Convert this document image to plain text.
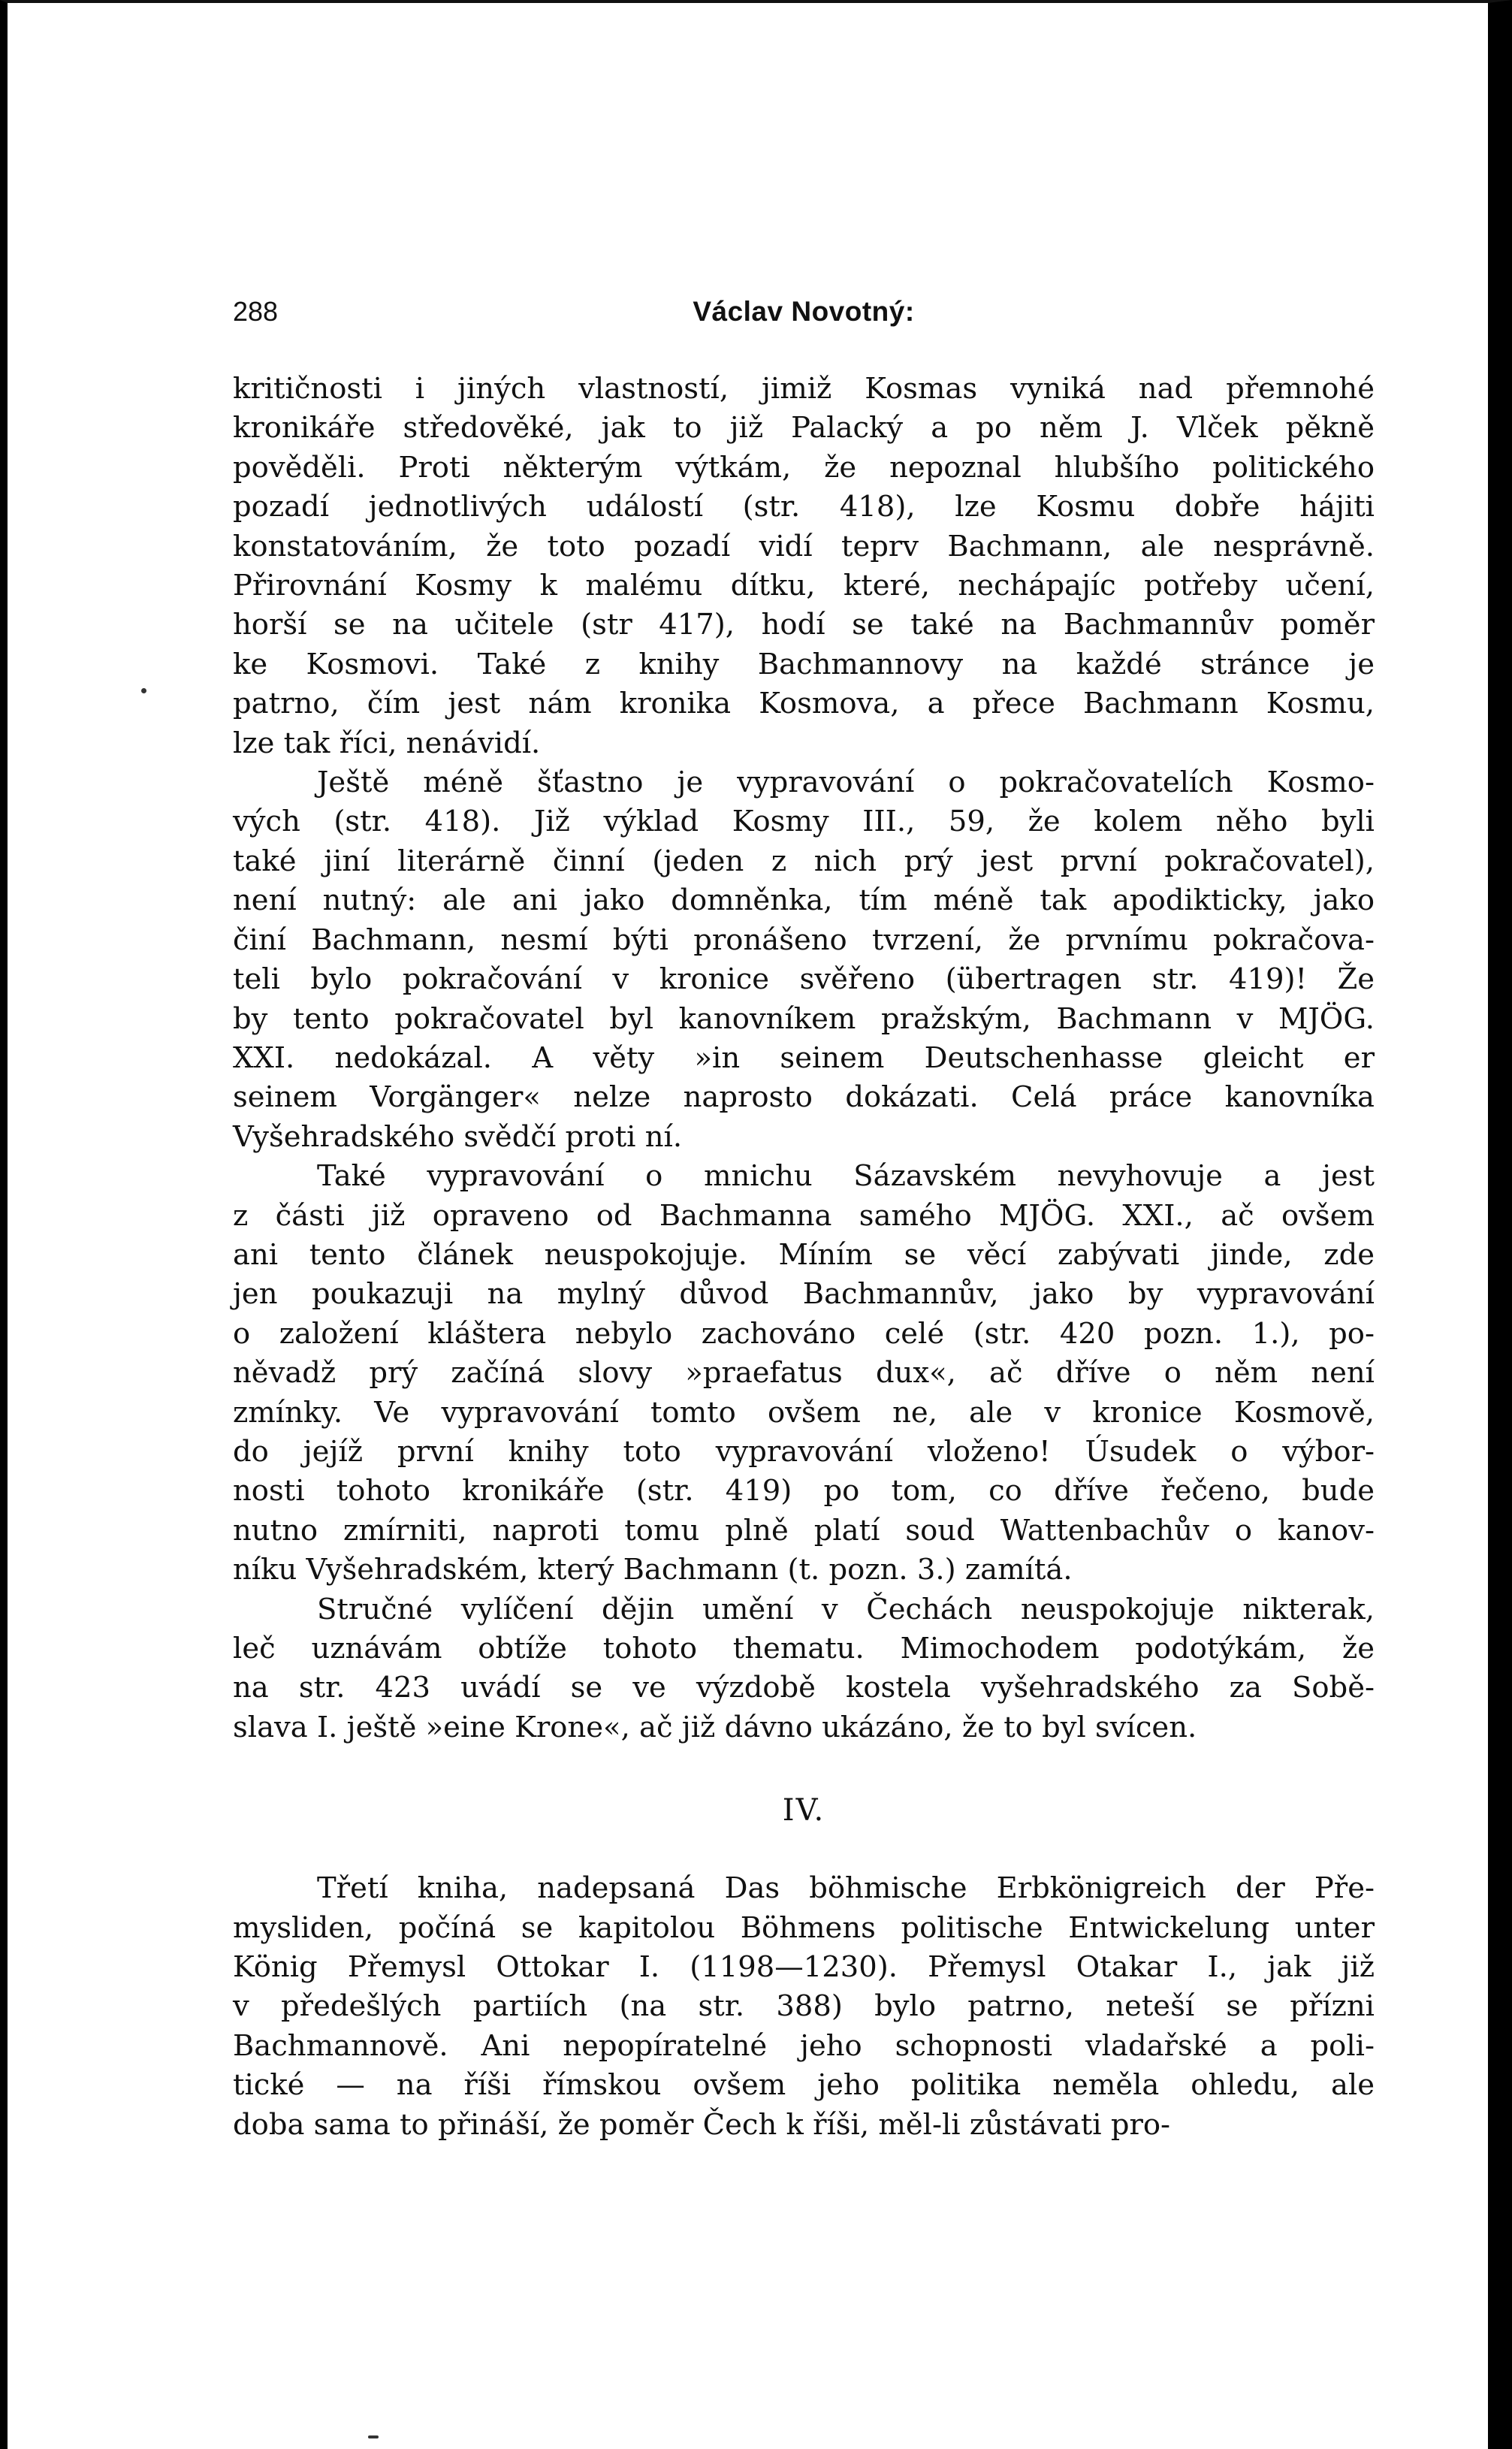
288	Václav Novotný:
kritičnosti i jiných vlastností, jimiž Kosmas vyniká nad přemnohé
kronikáře středověké, jak to již Palacký a po něm J. Vlček pěkně
pověděli. Proti některým výtkám, že nepoznal hlubšího politického
pozadí jednotlivých událostí (str. 418), lze Kosmu dobře hájiti
konstatováním, že toto pozadí vidí teprv Bachmann, ale nesprávně.
Přirovnání Kosmy k malému dítku, které, nechápajíc potřeby učení,
horší se na učitele (str 417), hodí se také na Bachmannův poměr
ke Kosmovi. Také z knihy Bachmannovy na každé stránce je
patrno, čím jest nám kronika Kosmova, a přece Bachmann Kosmu,
lze tak říci, nenávidí.
Ještě méně šťastno je vypravování o pokračovatelích Kosmo-
vých (str. 418). Již výklad Kosmy III., 59, že kolem něho byli
také jiní literárně činní (jeden z nich prý jest první pokračovatel),
není nutný: ale ani jako domněnka, tím méně tak apodikticky, jako
činí Bachmann, nesmí býti pronášeno tvrzení, že prvnímu pokračova-
teli bylo pokračování v kronice svěřeno (übertragen str. 419)! Že
by tento pokračovatel byl kanovníkem pražským, Bachmann v MJÖG.
XXI. nedokázal. A věty »in seinem Deutschenhasse gleicht er
seinem Vorgänger« nelze naprosto dokázati. Celá práce kanovníka
Vyšehradského svědčí proti ní.
Také vypravování o mnichu Sázavském nevyhovuje a jest
z části již opraveno od Bachmanna samého MJÖG. XXI., ač ovšem
ani tento článek neuspokojuje. Míním se věcí zabývati jinde, zde
jen poukazuji na mylný důvod Bachmannův, jako by vypravování
o založení kláštera nebylo zachováno celé (str. 420 pozn. 1.), po-
něvadž prý začíná slovy »praefatus dux«, ač dříve o něm není
zmínky. Ve vypravování tomto ovšem ne, ale v kronice Kosmově,
do jejíž první knihy toto vypravování vloženo! Úsudek o výbor-
nosti tohoto kronikáře (str. 419) po tom, co dříve řečeno, bude
nutno zmírniti, naproti tomu plně platí soud Wattenbachův o kanov-
níku Vyšehradském, který Bachmann (t. pozn. 3.) zamítá.
Stručné vylíčení dějin umění v Čechách neuspokojuje nikterak,
leč uznávám obtíže tohoto thematu. Mimochodem podotýkám, že
na str. 423 uvádí se ve výzdobě kostela vyšehradského za Sobě-
slava I. ještě »eine Krone«, ač již dávno ukázáno, že to byl svícen.
IV.
Třetí kniha, nadepsaná Das böhmische Erbkönigreich der Pře-
mysliden, počíná se kapitolou Böhmens politische Entwickelung unter
König Přemysl Ottokar I. (1198—1230). Přemysl Otakar I., jak již
v předešlých partiích (na str. 388) bylo patrno, neteší se přízni
Bachmannově. Ani nepopíratelné jeho schopnosti vladařské a poli-
tické — na říši římskou ovšem jeho politika neměla ohledu, ale
doba sama to přináší, že poměr Čech k říši, měl-li zůstávati pro-
